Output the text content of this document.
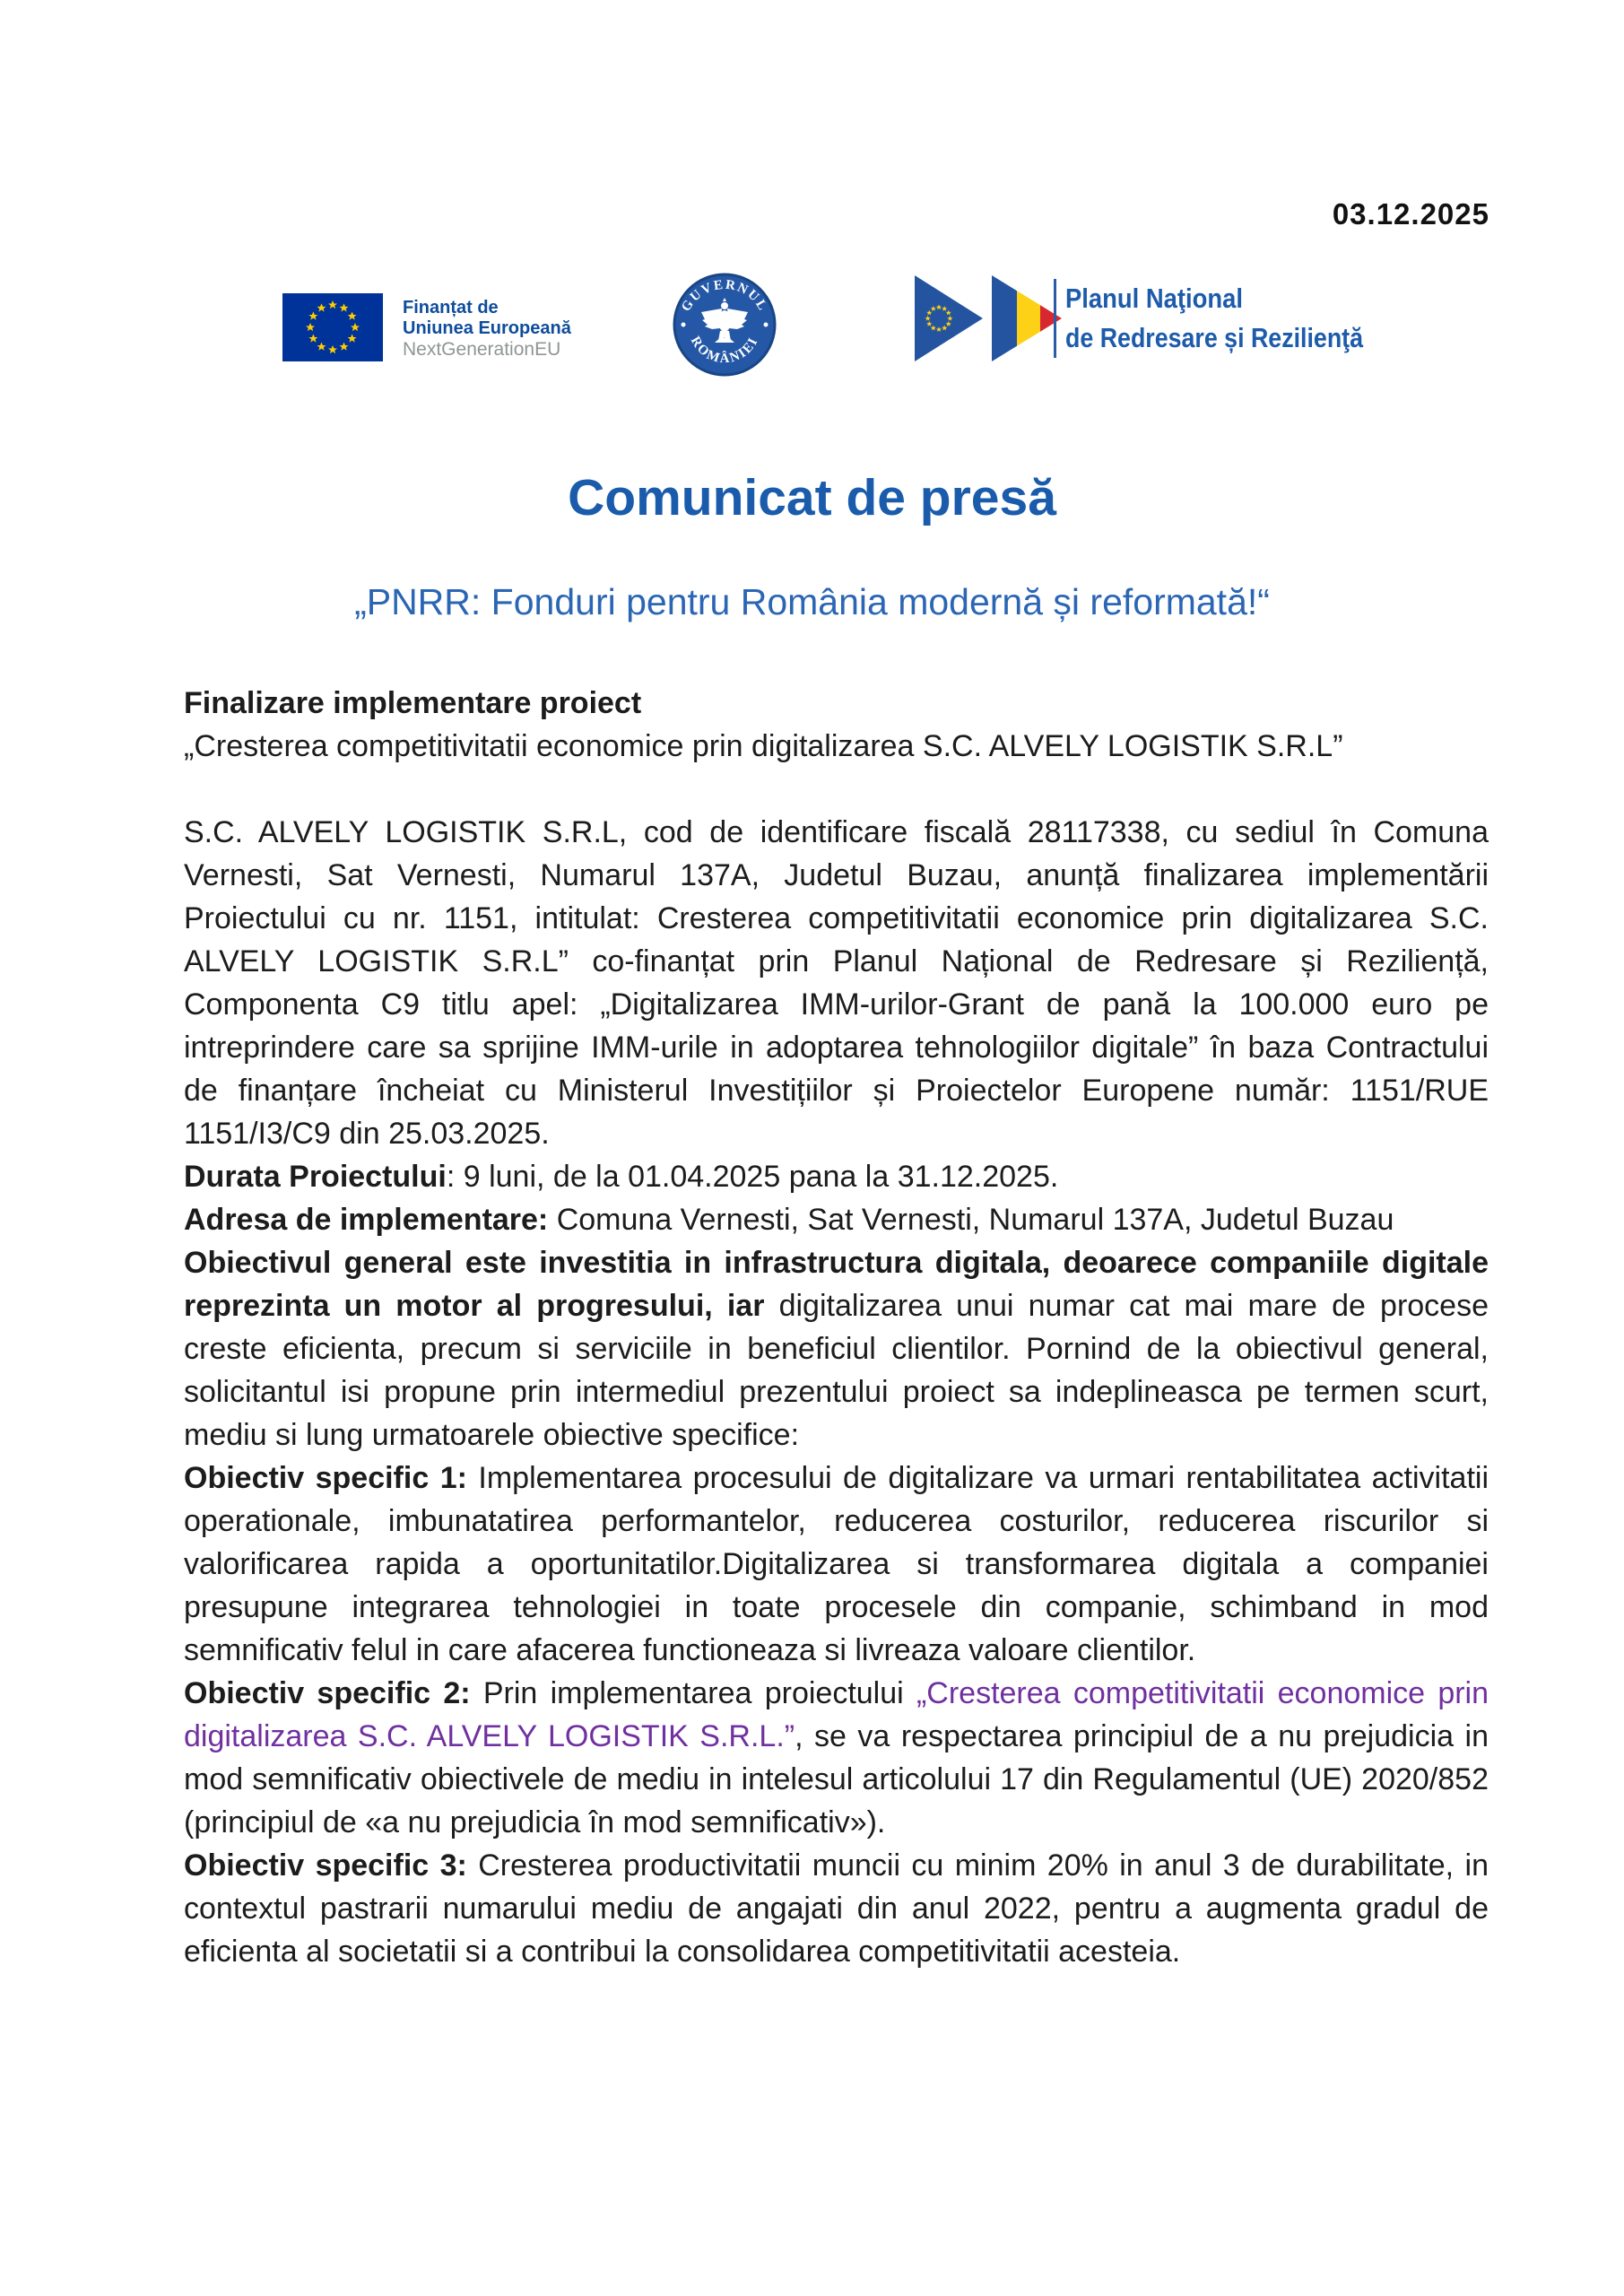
03.12.2025
Finanțat de
Uniunea Europeană
NextGenerationEU
GUVERNUL
ROMÂNIEI
Planul Naţional
de Redresare și Rezilienţă
Comunicat de presă
„PNRR: Fonduri pentru România modernă și reformată!“

Finalizare implementare proiect

„Cresterea competitivitatii economice prin digitalizarea S.C. ALVELY LOGISTIK S.R.L”

S.C. ALVELY LOGISTIK S.R.L, cod de identificare fiscală 28117338, cu sediul în Comuna Vernesti, Sat Vernesti, Numarul 137A, Judetul Buzau, anunță finalizarea implementării Proiectului cu nr. 1151, intitulat: Cresterea competitivitatii economice prin digitalizarea S.C. ALVELY LOGISTIK S.R.L” co-finanțat prin Planul Național de Redresare și Reziliență, Componenta C9 titlu apel: „Digitalizarea IMM-urilor-Grant de pană la 100.000 euro pe intreprindere care sa sprijine IMM-urile in adoptarea tehnologiilor digitale” în baza Contractului de finanțare încheiat cu Ministerul Investițiilor și Proiectelor Europene număr: 1151/RUE 1151/I3/C9 din 25.03.2025.

Durata Proiectului: 9 luni, de la 01.04.2025 pana la 31.12.2025.

Adresa de implementare: Comuna Vernesti, Sat Vernesti, Numarul 137A, Judetul Buzau

Obiectivul general este investitia in infrastructura digitala, deoarece companiile digitale reprezinta un motor al progresului, iar digitalizarea unui numar cat mai mare de procese creste eficienta, precum si serviciile in beneficiul clientilor. Pornind de la obiectivul general, solicitantul isi propune prin intermediul prezentului proiect sa indeplineasca pe termen scurt, mediu si lung urmatoarele obiective specifice:

Obiectiv specific 1: Implementarea procesului de digitalizare va urmari rentabilitatea activitatii operationale, imbunatatirea performantelor, reducerea costurilor, reducerea riscurilor si valorificarea rapida a oportunitatilor.Digitalizarea si transformarea digitala a companiei presupune integrarea tehnologiei in toate procesele din companie, schimband in mod semnificativ felul in care afacerea functioneaza si livreaza valoare clientilor.

Obiectiv specific 2: Prin implementarea proiectului „Cresterea competitivitatii economice prin digitalizarea S.C. ALVELY LOGISTIK S.R.L.”, se va respectarea principiul de a nu prejudicia in mod semnificativ obiectivele de mediu in intelesul articolului 17 din Regulamentul (UE) 2020/852 (principiul de «a nu prejudicia în mod semnificativ»).

Obiectiv specific 3: Cresterea productivitatii muncii cu minim 20% in anul 3 de durabilitate, in contextul pastrarii numarului mediu de angajati din anul 2022, pentru a augmenta gradul de eficienta al societatii si a contribui la consolidarea competitivitatii acesteia.
